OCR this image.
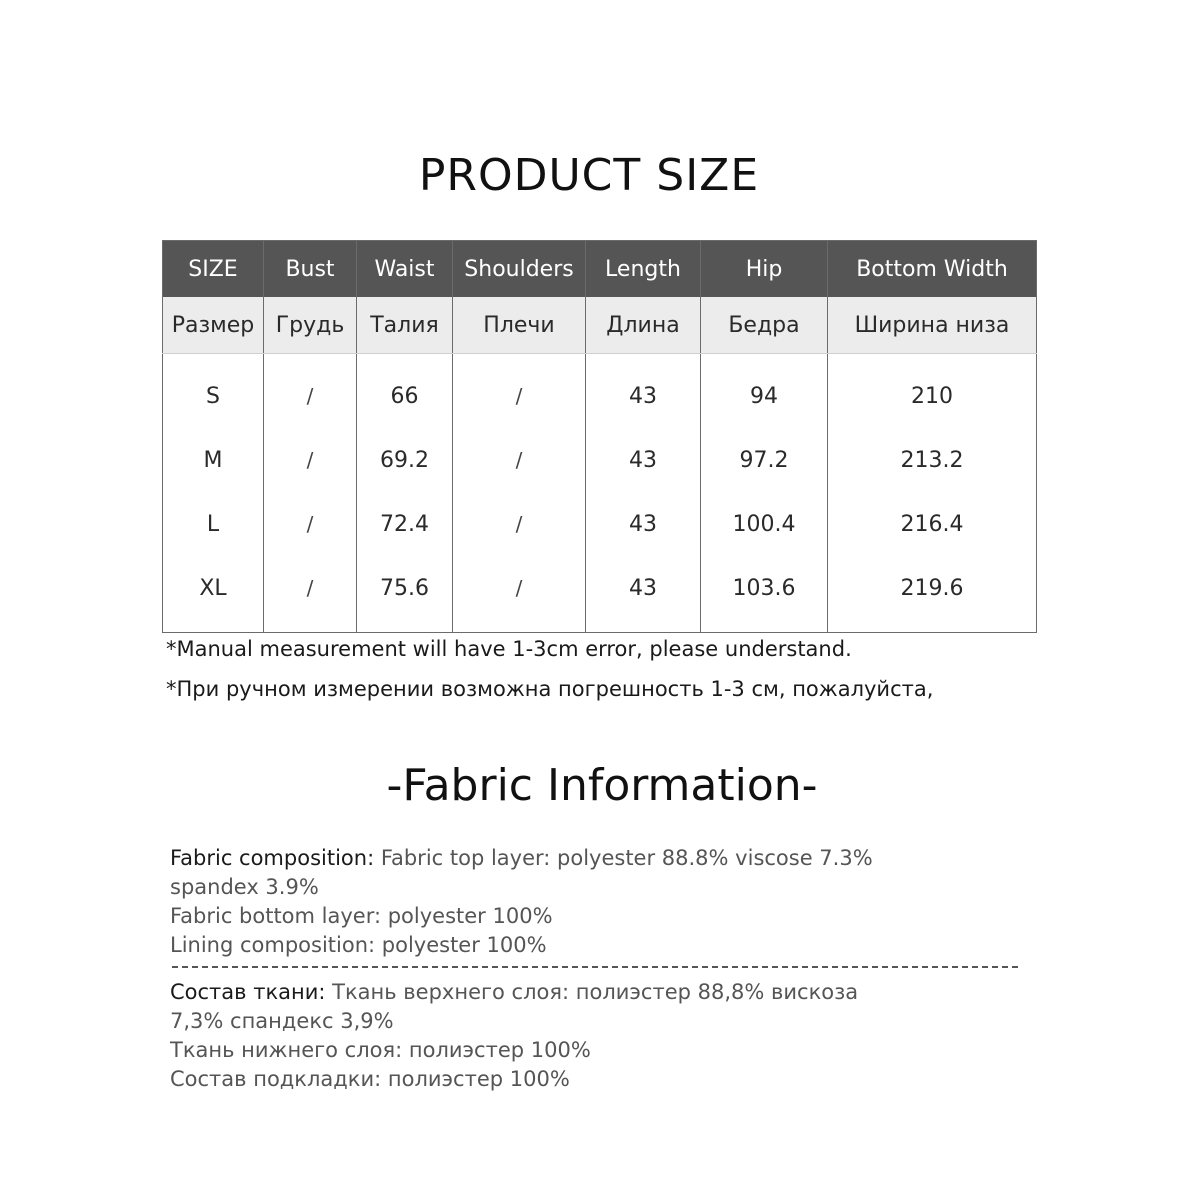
PRODUCT SIZE
SIZE	Bust	Waist	Shoulders	Length	Hip	Bottom Width
Размер	Грудь	Талия	Плечи	Длина	Бедра	Ширина низа
S	/	66	/	43	94	210
M	/	69.2	/	43	97.2	213.2
L	/	72.4	/	43	100.4	216.4
XL	/	75.6	/	43	103.6	219.6
*Manual measurement will have 1-3cm error, please understand.
*При ручном измерении возможна погрешность 1-3 см, пожалуйста,
-Fabric Information-
Fabric composition: Fabric top layer: polyester 88.8% viscose 7.3%
spandex 3.9%
Fabric bottom layer: polyester 100%
Lining composition: polyester 100%
Состав ткани: Ткань верхнего слоя: полиэстер 88,8% вискоза
7,3% спандекс 3,9%
Ткань нижнего слоя: полиэстер 100%
Состав подкладки: полиэстер 100%
